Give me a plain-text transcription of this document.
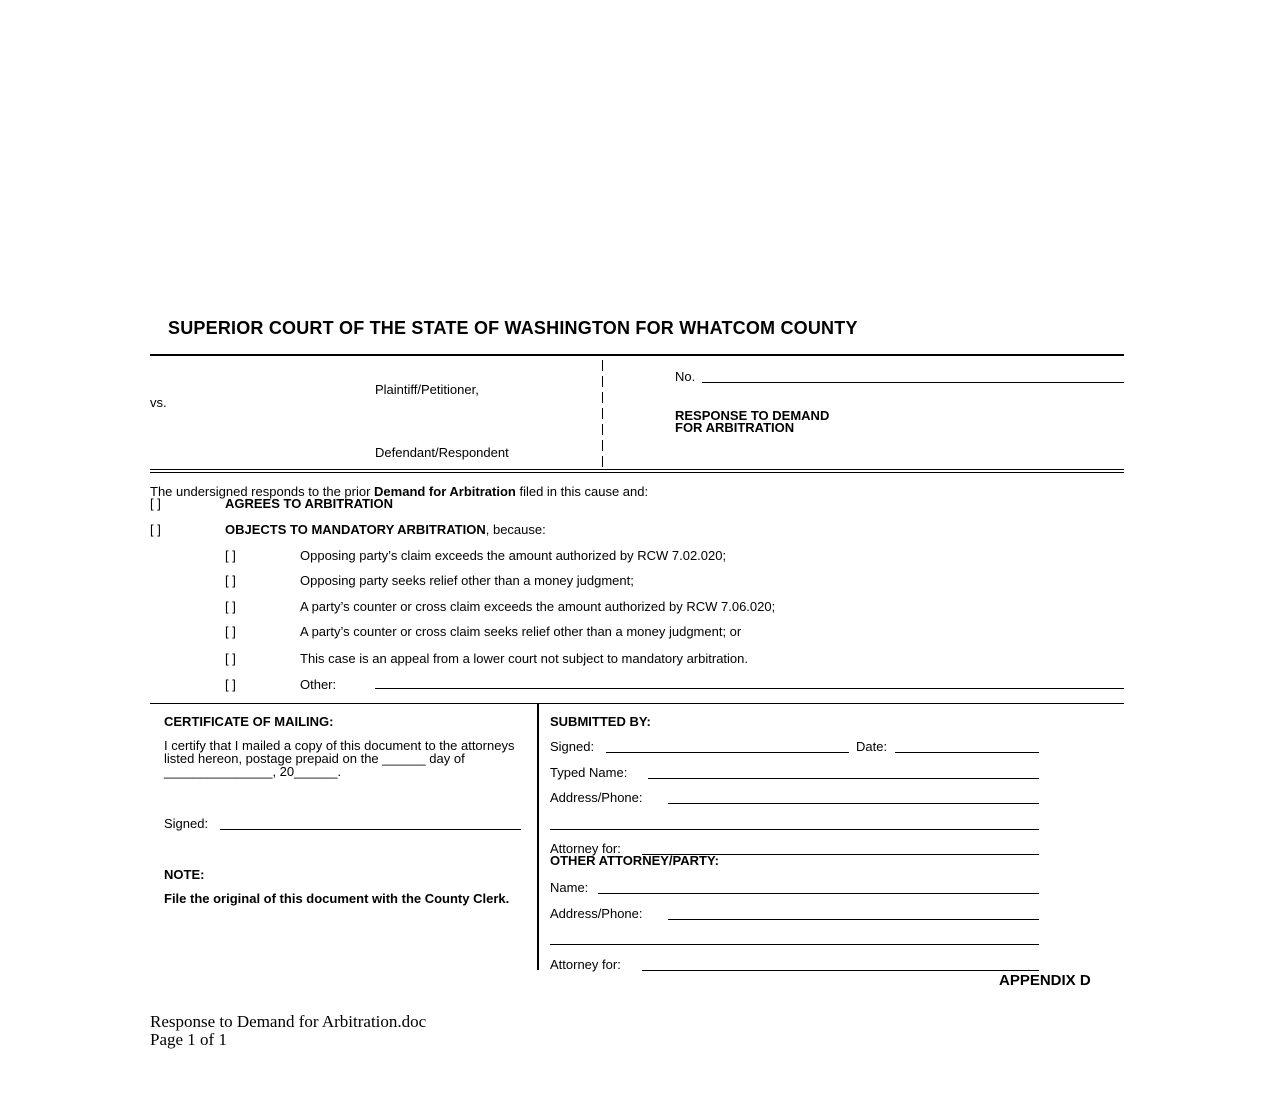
SUPERIOR COURT OF THE STATE OF WASHINGTON FOR WHATCOM COUNTY
Plaintiff/Petitioner,
vs.
Defendant/Respondent
No.
RESPONSE TO DEMAND
FOR ARBITRATION
The undersigned responds to the prior Demand for Arbitration filed in this cause and:
[ ]	AGREES TO ARBITRATION
[ ]	OBJECTS TO MANDATORY ARBITRATION, because:
[ ]	Opposing party’s claim exceeds the amount authorized by RCW 7.02.020;
[ ]	Opposing party seeks relief other than a money judgment;
[ ]	A party’s counter or cross claim exceeds the amount authorized by RCW 7.06.020;
[ ]	A party’s counter or cross claim seeks relief other than a money judgment; or
[ ]	This case is an appeal from a lower court not subject to mandatory arbitration.
[ ]	Other:
CERTIFICATE OF MAILING:
I certify that I mailed a copy of this document to the attorneys listed hereon, postage prepaid on the ______ day of _______________, 20______.
Signed:
NOTE:
File the original of this document with the County Clerk.
SUBMITTED BY:
Signed:	Date:
Typed Name:
Address/Phone:
Attorney for:
OTHER ATTORNEY/PARTY:
Name:
Address/Phone:
Attorney for:
APPENDIX D
Response to Demand for Arbitration.doc
Page 1 of 1
